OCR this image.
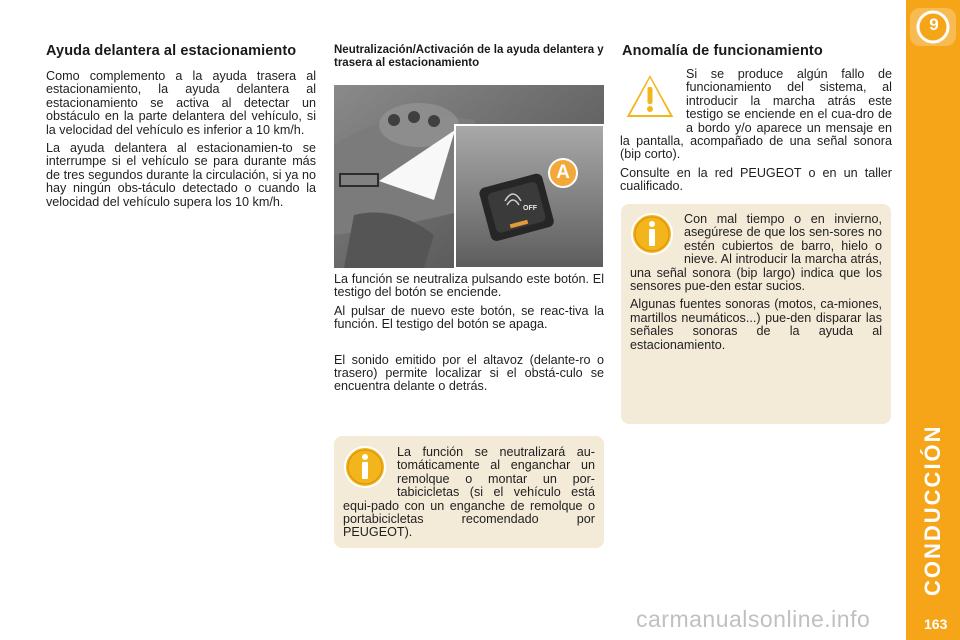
Ayuda delantera al estacionamiento

Como complemento a la ayuda trasera al estacionamiento, la ayuda delantera al estacionamiento se activa al detectar un obstáculo en la parte delantera del vehículo, si la velocidad del vehículo es inferior a 10 km/h.

La ayuda delantera al estacionamien-to se interrumpe si el vehículo se para durante más de tres segundos durante la circulación, si ya no hay ningún obs-táculo detectado o cuando la velocidad del vehículo supera los 10 km/h.

Neutralización/Activación de la ayuda delantera y trasera al estacionamiento
A
OFF

La función se neutraliza pulsando este botón. El testigo del botón se enciende.

Al pulsar de nuevo este botón, se reac-tiva la función. El testigo del botón se apaga.

El sonido emitido por el altavoz (delante-ro o trasero) permite localizar si el obstá-culo se encuentra delante o detrás.

La función se neutralizará au-tomáticamente al enganchar un remolque o montar un por-tabicicletas (si el vehículo está equi-pado con un enganche de remolque o portabicicletas recomendado por PEUGEOT).

Anomalía de funcionamiento

Si se produce algún fallo de funcionamiento del sistema, al introducir la marcha atrás este testigo se enciende en el cua-dro de a bordo y/o aparece un mensaje en la pantalla, acompañado de una señal sonora (bip corto).

Consulte en la red PEUGEOT o en un taller cualificado.

Con mal tiempo o en invierno, asegúrese de que los sen-sores no estén cubiertos de barro, hielo o nieve. Al introducir la marcha atrás, una señal sonora (bip largo) indica que los sensores pue-den estar sucios.

Algunas fuentes sonoras (motos, ca-miones, martillos neumáticos...) pue-den disparar las señales sonoras de la ayuda al estacionamiento.

9
CONDUCCIÓN
163
carmanualsonline.info
